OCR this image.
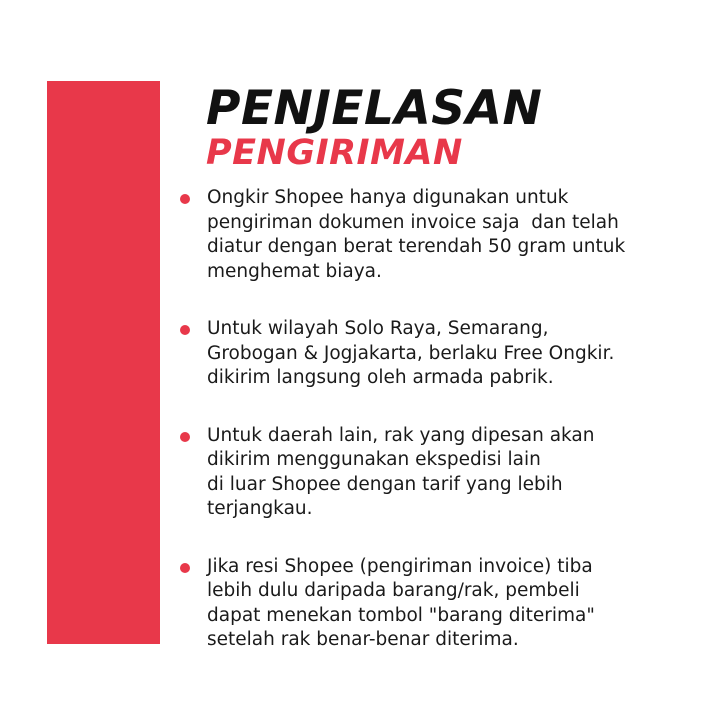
PENJELASAN
PENGIRIMAN
Ongkir Shopee hanya digunakan untuk
pengiriman dokumen invoice saja  dan telah
diatur dengan berat terendah 50 gram untuk
menghemat biaya.
Untuk wilayah Solo Raya, Semarang,
Grobogan & Jogjakarta, berlaku Free Ongkir.
dikirim langsung oleh armada pabrik.
Untuk daerah lain, rak yang dipesan akan
dikirim menggunakan ekspedisi lain
di luar Shopee dengan tarif yang lebih
terjangkau.
Jika resi Shopee (pengiriman invoice) tiba
lebih dulu daripada barang/rak, pembeli
dapat menekan tombol "barang diterima"
setelah rak benar-benar diterima.
